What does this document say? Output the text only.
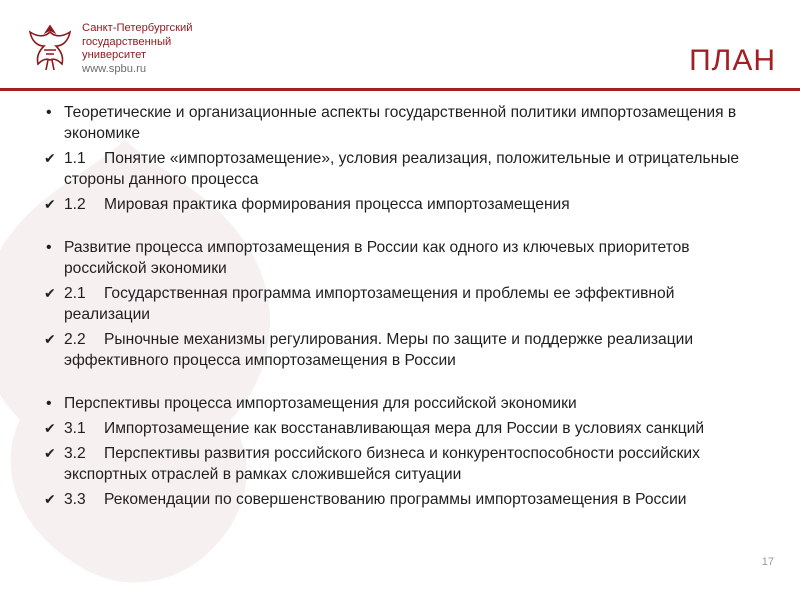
Санкт-Петербургский
государственный
университет
www.spbu.ru	ПЛАН
• Теоретические и организационные аспекты государственной политики импортозамещения в экономике
✔ 1.1 Понятие «импортозамещение», условия реализация, положительные и отрицательные стороны данного процесса
✔ 1.2 Мировая практика формирования процесса импортозамещения
• Развитие процесса импортозамещения в России как одного из ключевых приоритетов российской экономики
✔ 2.1 Государственная программа импортозамещения и проблемы ее эффективной реализации
✔ 2.2 Рыночные механизмы регулирования. Меры по защите и поддержке реализации эффективного процесса импортозамещения в России
• Перспективы процесса импортозамещения для российской экономики
✔ 3.1 Импортозамещение как восстанавливающая мера для России в условиях санкций
✔ 3.2 Перспективы развития российского бизнеса и конкурентоспособности российских экспортных отраслей в рамках сложившейся ситуации
✔ 3.3 Рекомендации по совершенствованию программы импортозамещения в России
17
